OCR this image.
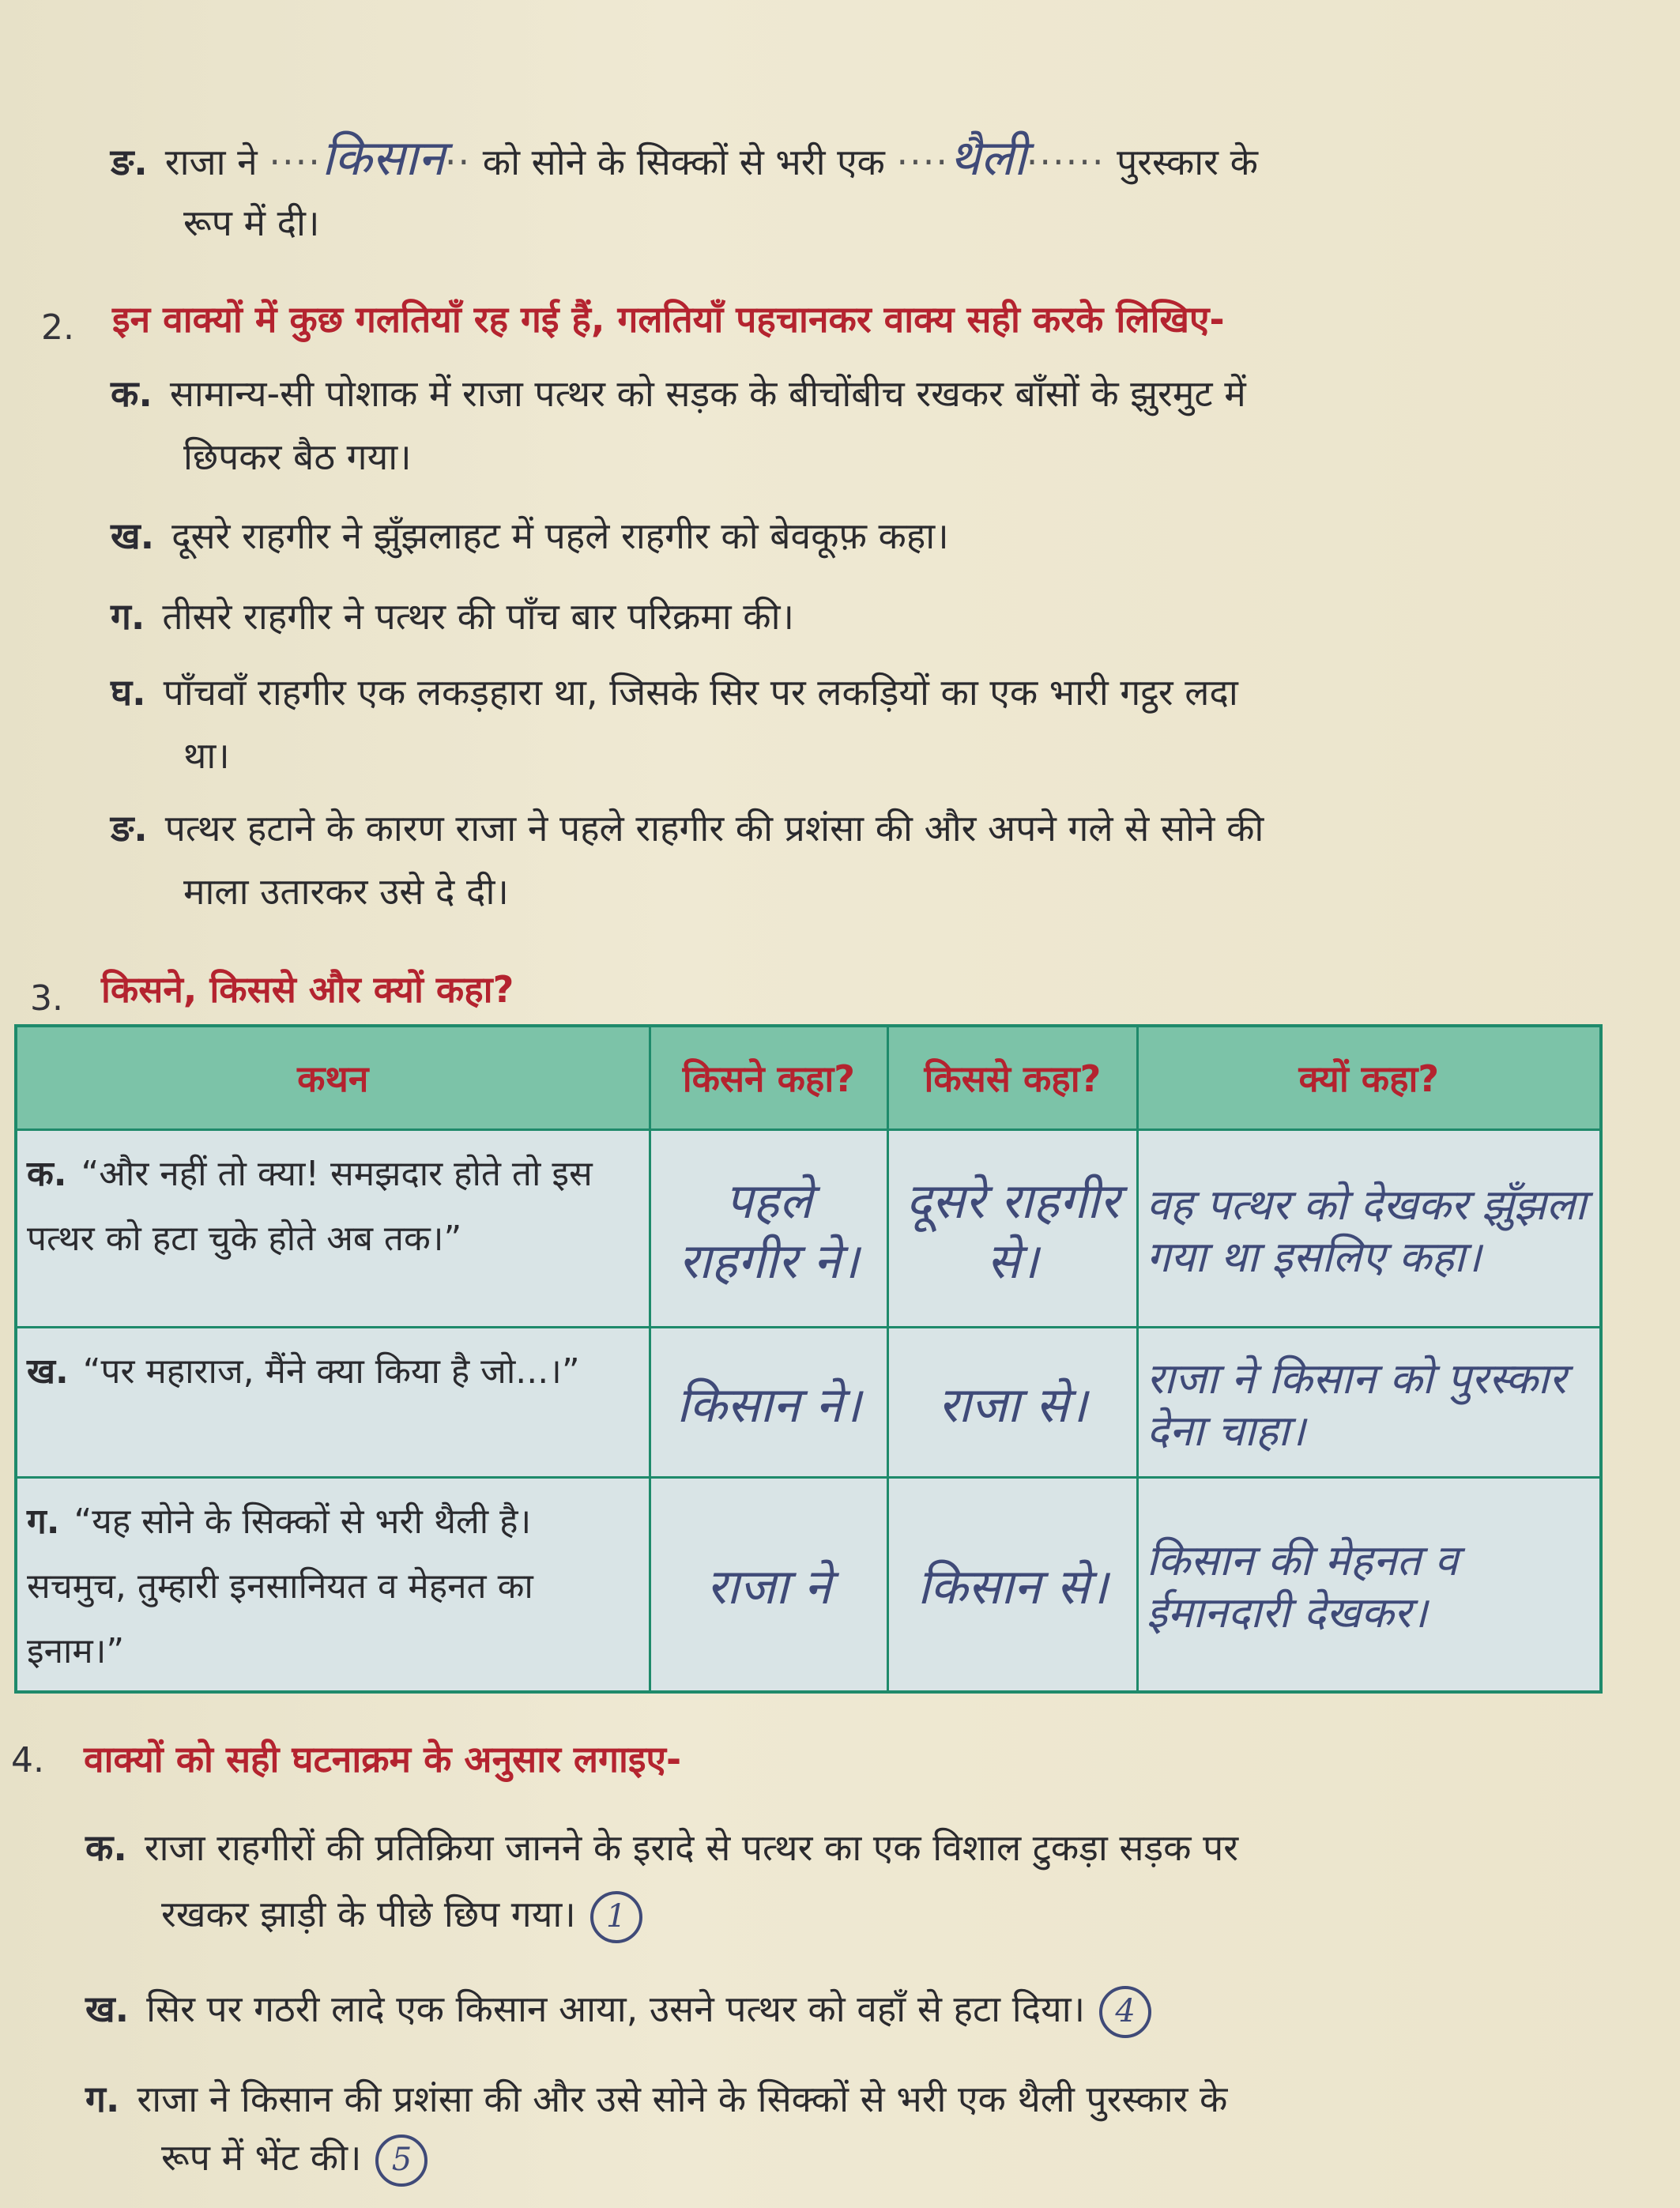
ङ. राजा ने ····किसान·· को सोने के सिक्कों से भरी एक ····थैली······ पुरस्कार के
रूप में दी।
2. इन वाक्यों में कुछ गलतियाँ रह गई हैं, गलतियाँ पहचानकर वाक्य सही करके लिखिए-
क. सामान्य-सी पोशाक में राजा पत्थर को सड़क के बीचोंबीच रखकर बाँसों के झुरमुट में
छिपकर बैठ गया।
ख. दूसरे राहगीर ने झुँझलाहट में पहले राहगीर को बेवकूफ़ कहा।
ग. तीसरे राहगीर ने पत्थर की पाँच बार परिक्रमा की।
घ. पाँचवाँ राहगीर एक लकड़हारा था, जिसके सिर पर लकड़ियों का एक भारी गट्ठर लदा
था।
ङ. पत्थर हटाने के कारण राजा ने पहले राहगीर की प्रशंसा की और अपने गले से सोने की
माला उतारकर उसे दे दी।
3. किसने, किससे और क्यों कहा?
कथन	किसने कहा?	किससे कहा?	क्यों कहा?
क. “और नहीं तो क्या! समझदार होते तो इस पत्थर को हटा चुके होते अब तक।”	पहले राहगीर ने।	दूसरे राहगीर से।	वह पत्थर को देखकर झुँझला गया था इसलिए कहा।
ख. “पर महाराज, मैंने क्या किया है जो...।”	किसान ने।	राजा से।	राजा ने किसान को पुरस्कार देना चाहा।
ग. “यह सोने के सिक्कों से भरी थैली है। सचमुच, तुम्हारी इनसानियत व मेहनत का इनाम।”	राजा ने	किसान से।	किसान की मेहनत व ईमानदारी देखकर।
4. वाक्यों को सही घटनाक्रम के अनुसार लगाइए-
क. राजा राहगीरों की प्रतिक्रिया जानने के इरादे से पत्थर का एक विशाल टुकड़ा सड़क पर
रखकर झाड़ी के पीछे छिप गया। 1
ख. सिर पर गठरी लादे एक किसान आया, उसने पत्थर को वहाँ से हटा दिया। 4
ग. राजा ने किसान की प्रशंसा की और उसे सोने के सिक्कों से भरी एक थैली पुरस्कार के
रूप में भेंट की। 5
